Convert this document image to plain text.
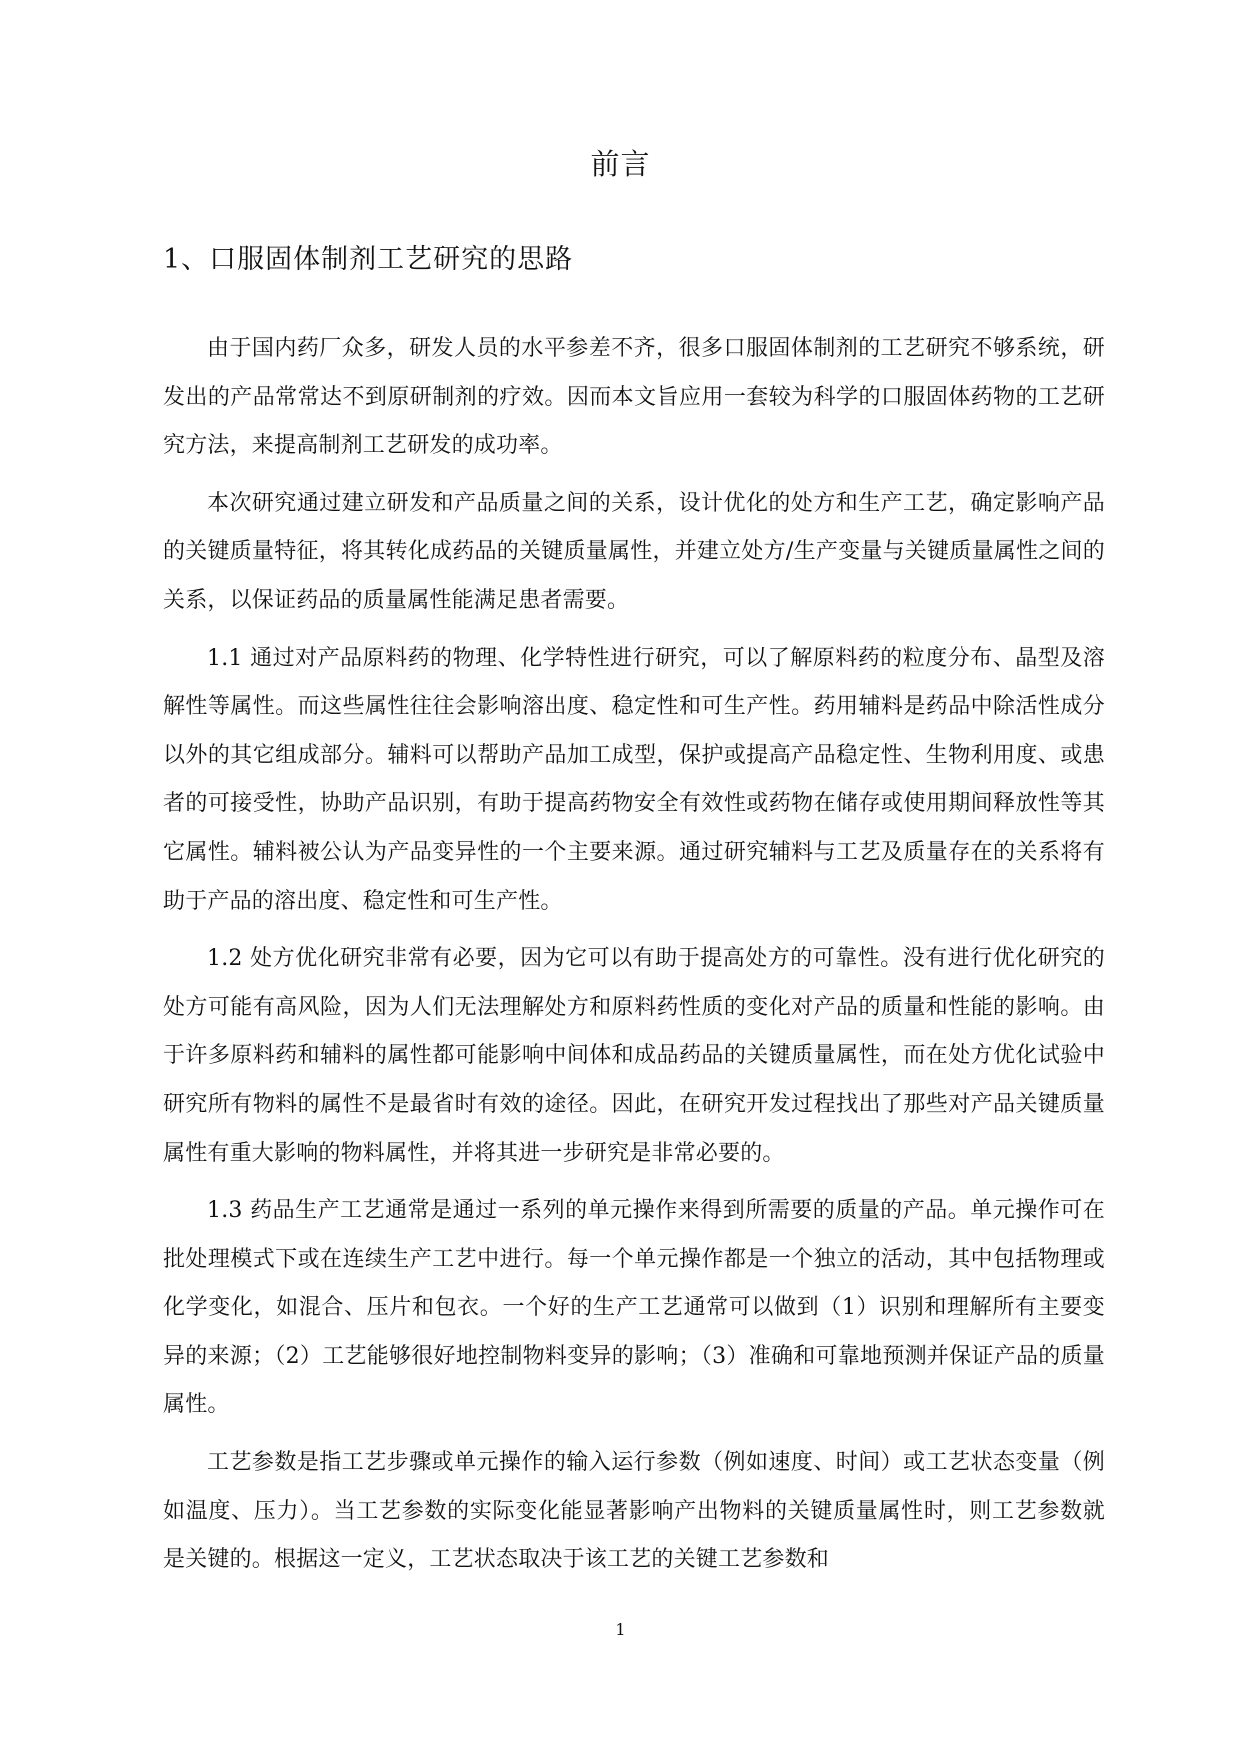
前言
1、口服固体制剂工艺研究的思路

由于国内药厂众多，研发人员的水平参差不齐，很多口服固体制剂的工艺研究不够系统，研发出的产品常常达不到原研制剂的疗效。因而本文旨应用一套较为科学的口服固体药物的工艺研究方法，来提高制剂工艺研发的成功率。

本次研究通过建立研发和产品质量之间的关系，设计优化的处方和生产工艺，确定影响产品的关键质量特征，将其转化成药品的关键质量属性，并建立处方/生产变量与关键质量属性之间的关系，以保证药品的质量属性能满足患者需要。

1.1 通过对产品原料药的物理、化学特性进行研究，可以了解原料药的粒度分布、晶型及溶解性等属性。而这些属性往往会影响溶出度、稳定性和可生产性。药用辅料是药品中除活性成分以外的其它组成部分。辅料可以帮助产品加工成型，保护或提高产品稳定性、生物利用度、或患者的可接受性，协助产品识别，有助于提高药物安全有效性或药物在储存或使用期间释放性等其它属性。辅料被公认为产品变异性的一个主要来源。通过研究辅料与工艺及质量存在的关系将有助于产品的溶出度、稳定性和可生产性。

1.2 处方优化研究非常有必要，因为它可以有助于提高处方的可靠性。没有进行优化研究的处方可能有高风险，因为人们无法理解处方和原料药性质的变化对产品的质量和性能的影响。由于许多原料药和辅料的属性都可能影响中间体和成品药品的关键质量属性，而在处方优化试验中研究所有物料的属性不是最省时有效的途径。因此，在研究开发过程找出了那些对产品关键质量属性有重大影响的物料属性，并将其进一步研究是非常必要的。

1.3 药品生产工艺通常是通过一系列的单元操作来得到所需要的质量的产品。单元操作可在批处理模式下或在连续生产工艺中进行。每一个单元操作都是一个独立的活动，其中包括物理或化学变化，如混合、压片和包衣。一个好的生产工艺通常可以做到（1）识别和理解所有主要变异的来源；（2）工艺能够很好地控制物料变异的影响；（3）准确和可靠地预测并保证产品的质量属性。

工艺参数是指工艺步骤或单元操作的输入运行参数（例如速度、时间）或工艺状态变量（例如温度、压力）。当工艺参数的实际变化能显著影响产出物料的关键质量属性时，则工艺参数就是关键的。根据这一定义，工艺状态取决于该工艺的关键工艺参数和

1
